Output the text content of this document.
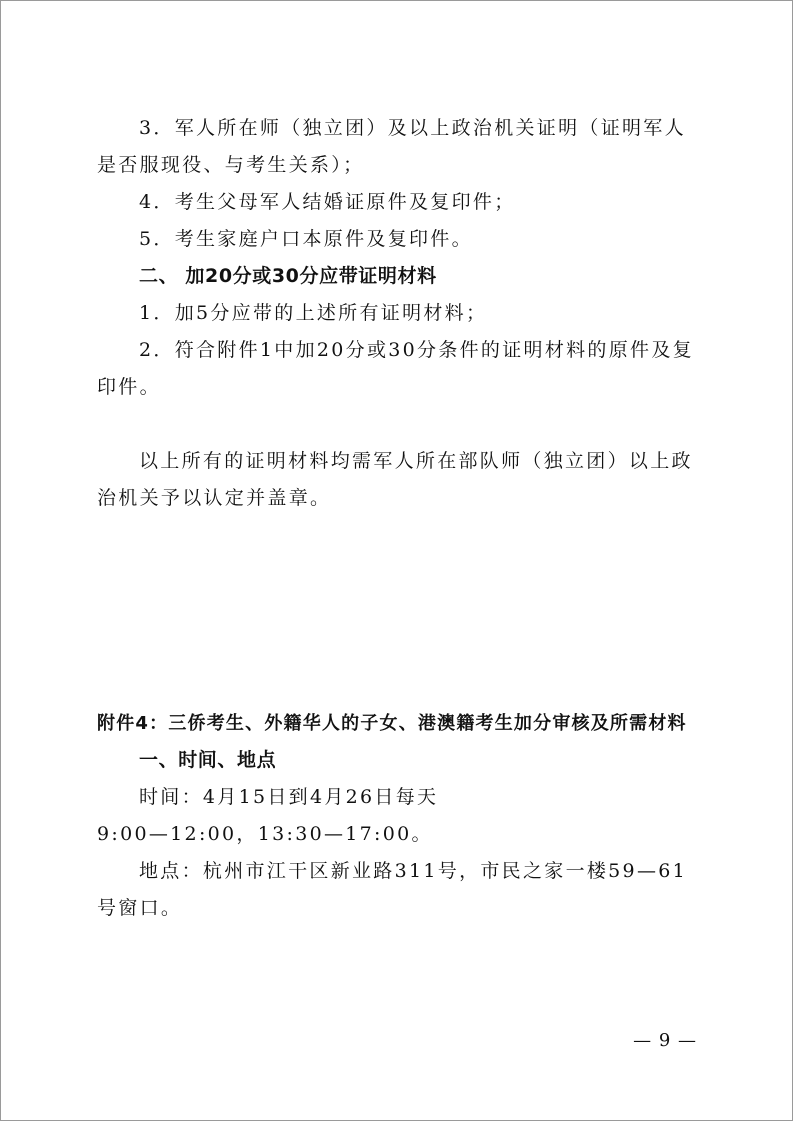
3．军人所在师（独立团）及以上政治机关证明（证明军人是否服现役、与考生关系）；

4．考生父母军人结婚证原件及复印件；

5．考生家庭户口本原件及复印件。

二、 加20分或30分应带证明材料

1．加5分应带的上述所有证明材料；

2．符合附件1中加20分或30分条件的证明材料的原件及复印件。

以上所有的证明材料均需军人所在部队师（独立团）以上政治机关予以认定并盖章。

附件4：三侨考生、外籍华人的子女、港澳籍考生加分审核及所需材料

一、时间、地点

时间：4月15日到4月26日每天

9:00—12:00，13:30—17:00。

地点：杭州市江干区新业路311号，市民之家一楼59—61号窗口。

— 9 —
